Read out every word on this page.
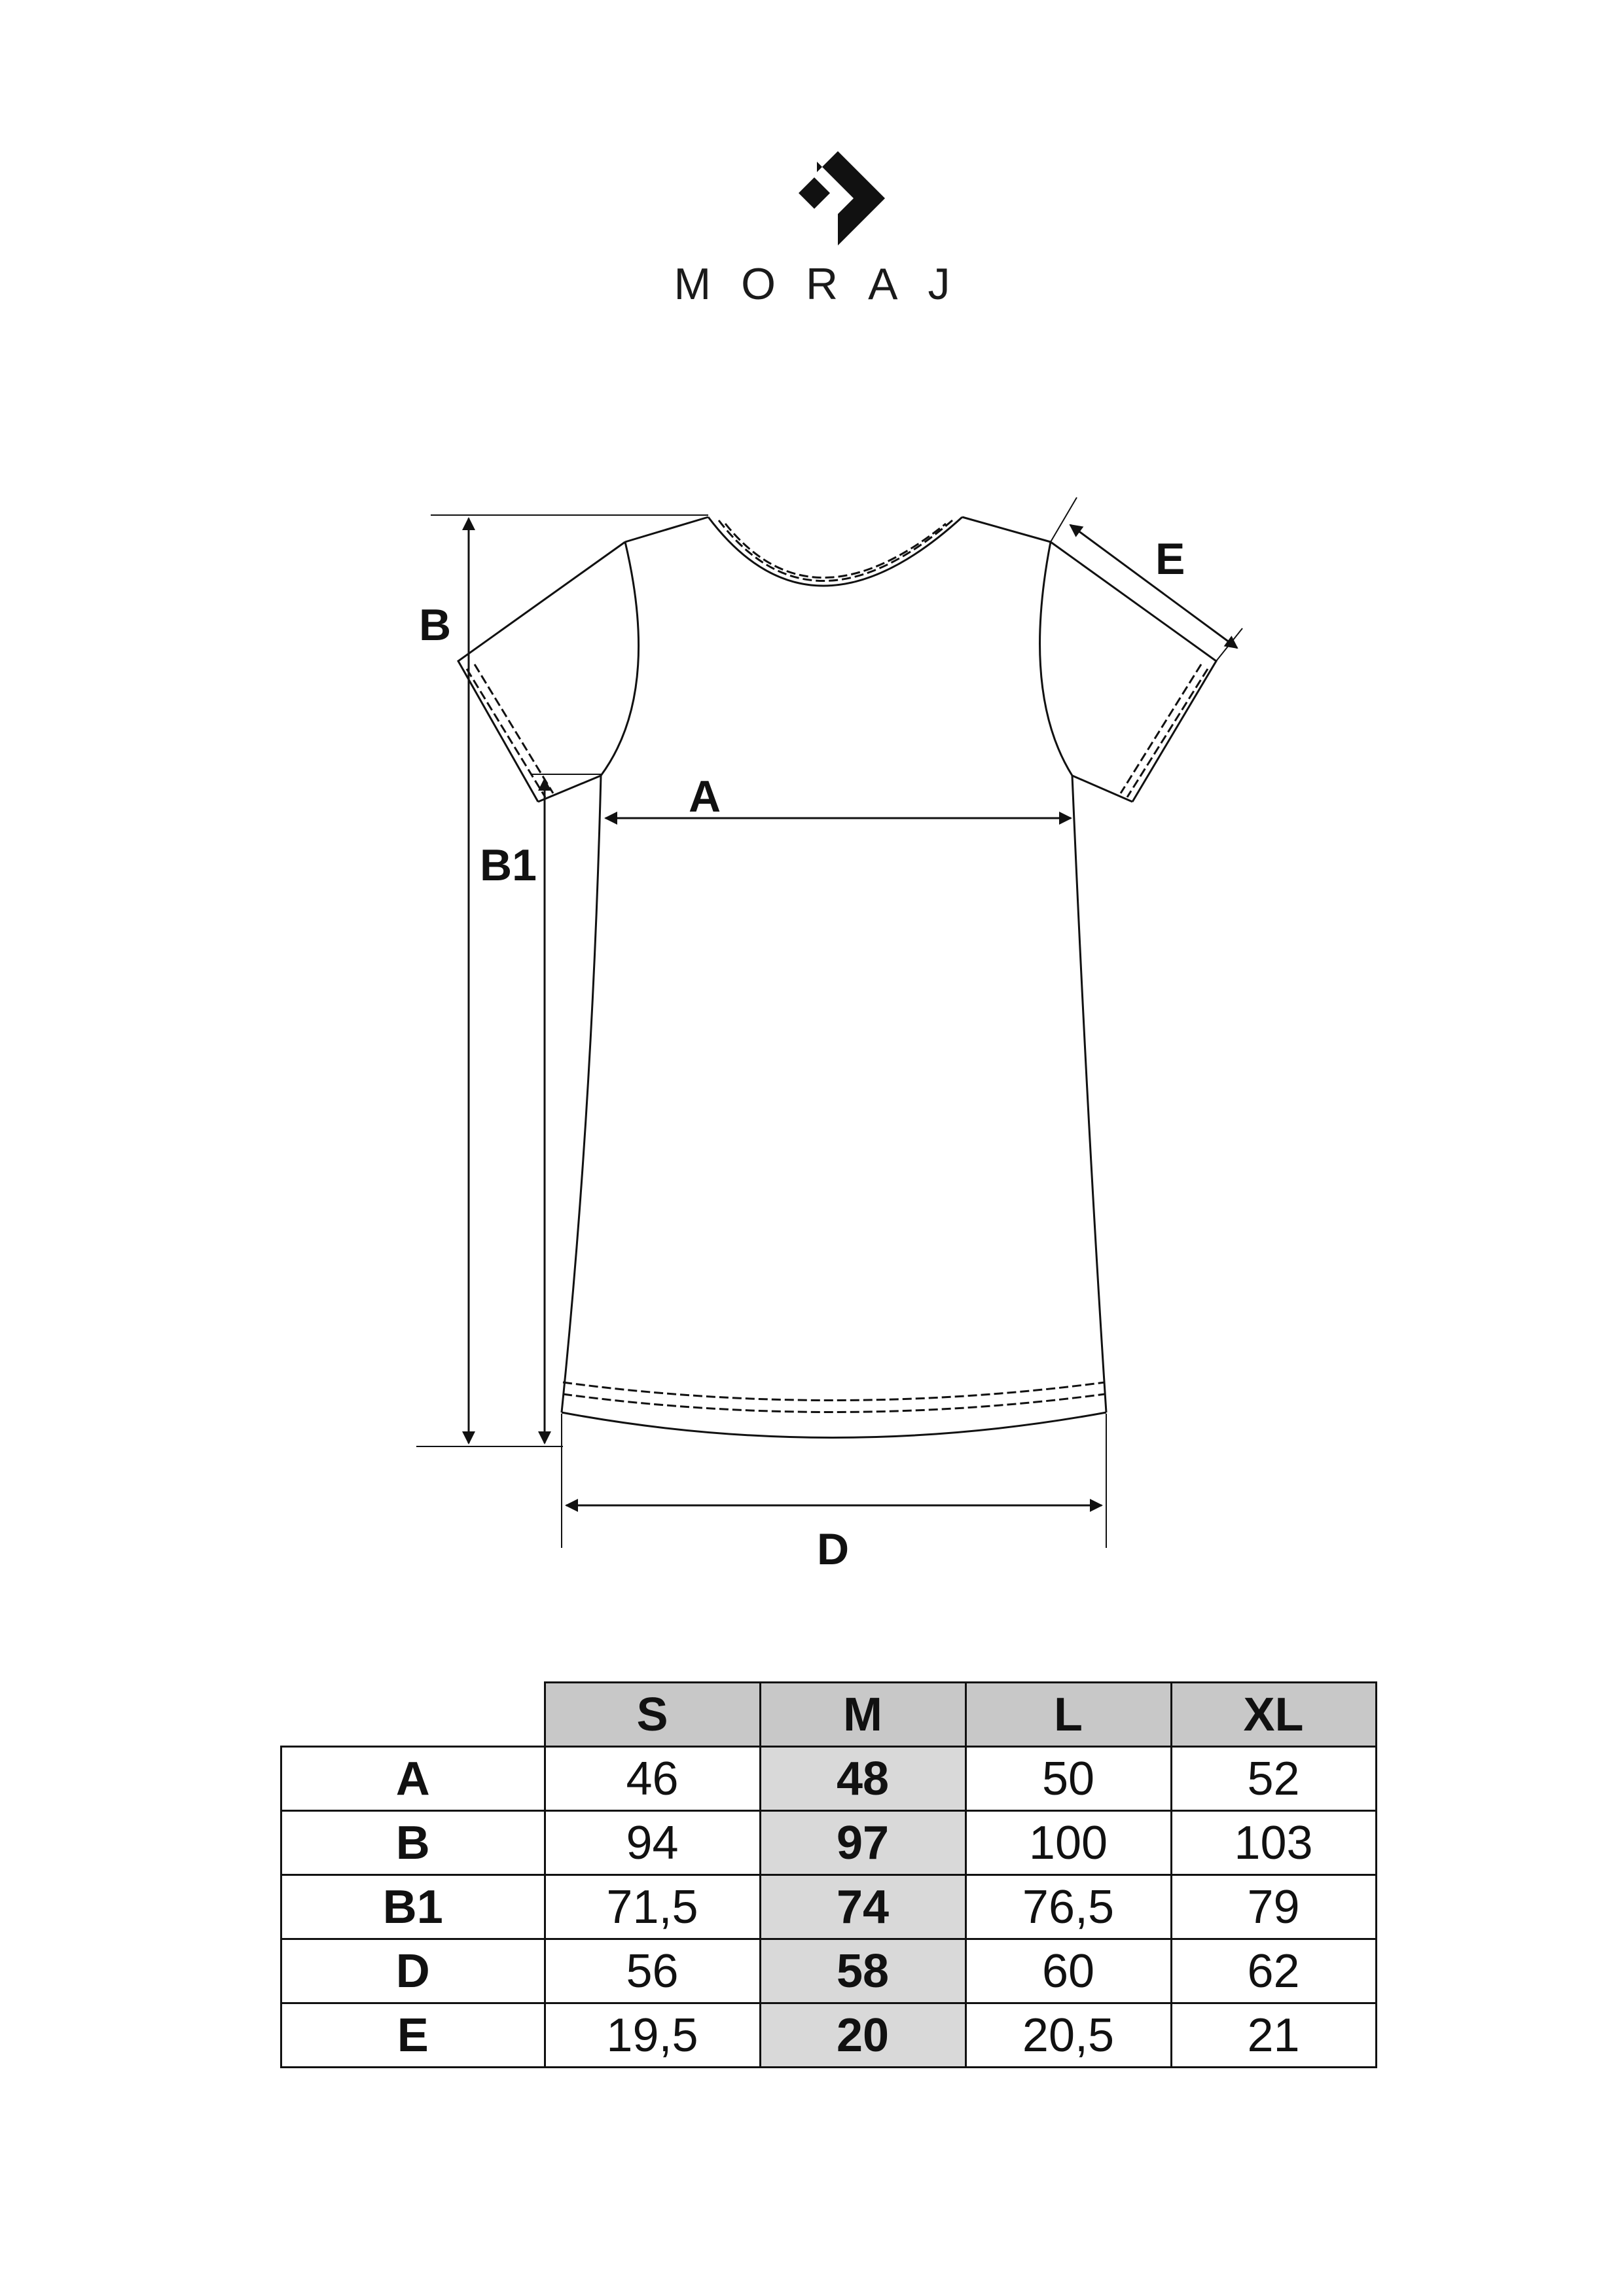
MORAJ
B
B1
A
D
E
	S	M	L	XL
A	46	48	50	52
B	94	97	100	103
B1	71,5	74	76,5	79
D	56	58	60	62
E	19,5	20	20,5	21
